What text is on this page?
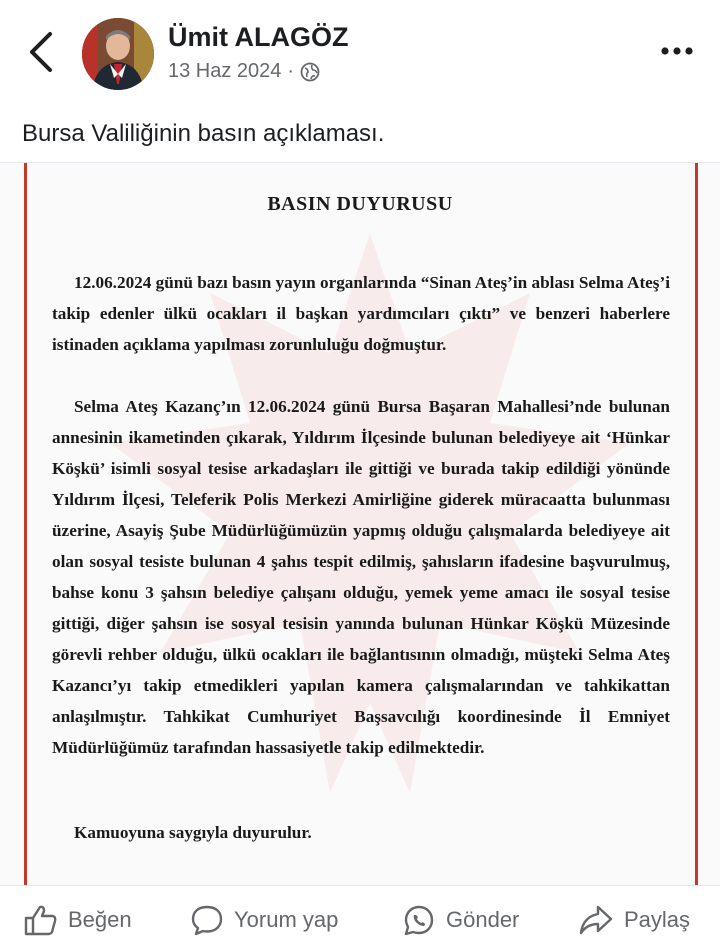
Ümit ALAGÖZ
13 Haz 2024 ·
Bursa Valiliğinin basın açıklaması.
BASIN DUYURUSU
12.06.2024 günü bazı basın yayın organlarında “Sinan Ateş’in ablası Selma Ateş’i takip edenler ülkü ocakları il başkan yardımcıları çıktı” ve benzeri haberlere istinaden açıklama yapılması zorunluluğu doğmuştur.
Selma Ateş Kazanç’ın 12.06.2024 günü Bursa Başaran Mahallesi’nde bulunan annesinin ikametinden çıkarak, Yıldırım İlçesinde bulunan belediyeye ait ‘Hünkar Köşkü’ isimli sosyal tesise arkadaşları ile gittiği ve burada takip edildiği yönünde Yıldırım İlçesi, Teleferik Polis Merkezi Amirliğine giderek müracaatta bulunması üzerine, Asayiş Şube Müdürlüğümüzün yapmış olduğu çalışmalarda belediyeye ait olan sosyal tesiste bulunan 4 şahıs tespit edilmiş, şahısların ifadesine başvurulmuş, bahse konu 3 şahsın belediye çalışanı olduğu, yemek yeme amacı ile sosyal tesise gittiği, diğer şahsın ise sosyal tesisin yanında bulunan Hünkar Köşkü Müzesinde görevli rehber olduğu, ülkü ocakları ile bağlantısının olmadığı, müşteki Selma Ateş Kazancı’yı takip etmedikleri yapılan kamera çalışmalarından ve tahkikattan anlaşılmıştır. Tahkikat Cumhuriyet Başsavcılığı koordinesinde İl Emniyet Müdürlüğümüz tarafından hassasiyetle takip edilmektedir.
Kamuoyuna saygıyla duyurulur.
Beğen	Yorum yap	Gönder	Paylaş
